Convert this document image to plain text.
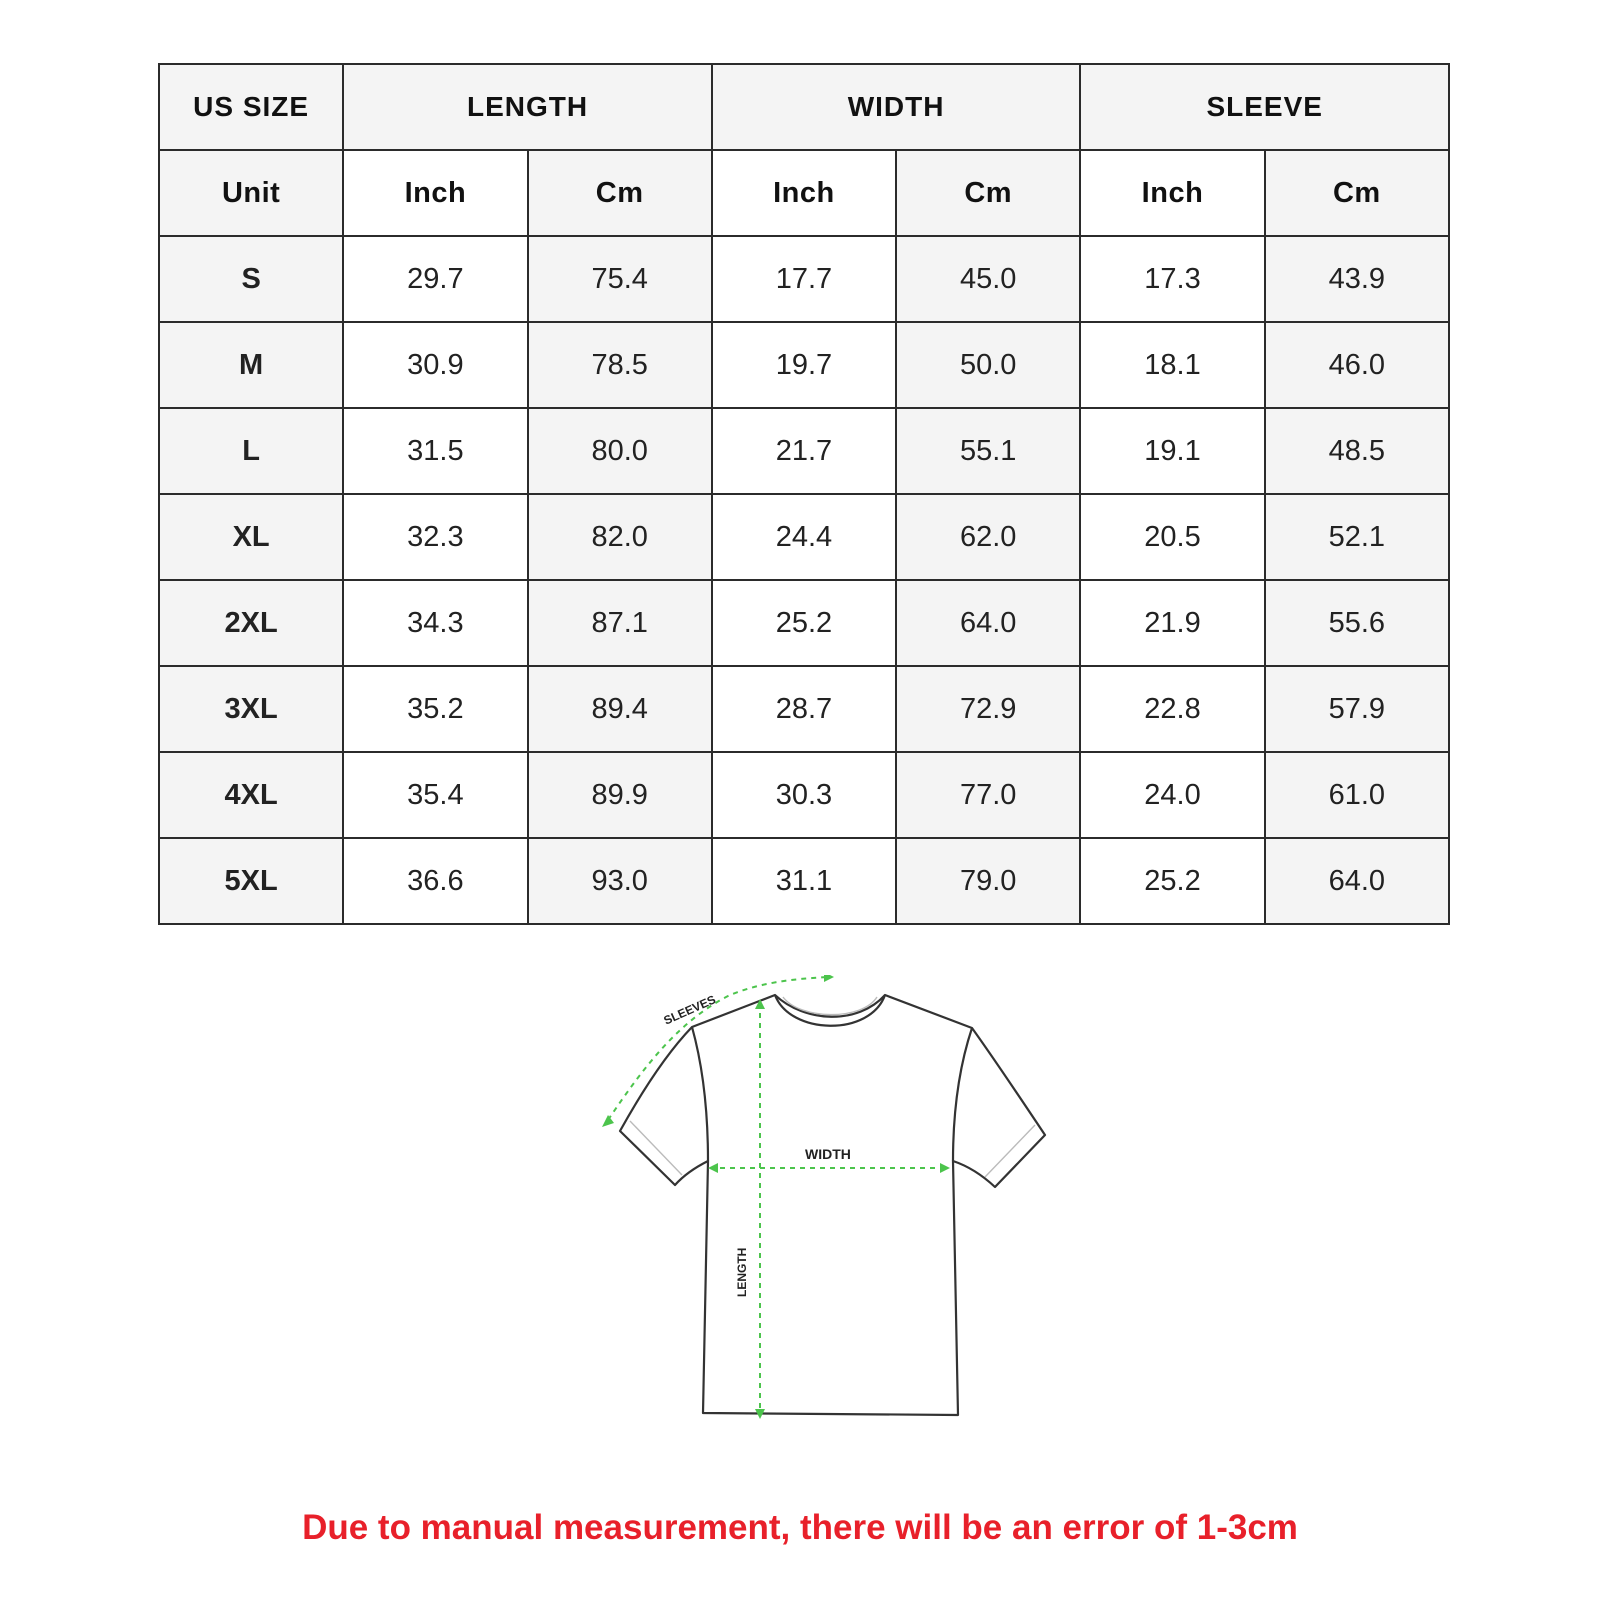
US SIZE	LENGTH		WIDTH		SLEEVE	
Unit	Inch	Cm	Inch	Cm	Inch	Cm
S	29.7	75.4	17.7	45.0	17.3	43.9
M	30.9	78.5	19.7	50.0	18.1	46.0
L	31.5	80.0	21.7	55.1	19.1	48.5
XL	32.3	82.0	24.4	62.0	20.5	52.1
2XL	34.3	87.1	25.2	64.0	21.9	55.6
3XL	35.2	89.4	28.7	72.9	22.8	57.9
4XL	35.4	89.9	30.3	77.0	24.0	61.0
5XL	36.6	93.0	31.1	79.0	25.2	64.0
SLEEVES
WIDTH
LENGTH
Due to manual measurement, there will be an error of 1-3cm
